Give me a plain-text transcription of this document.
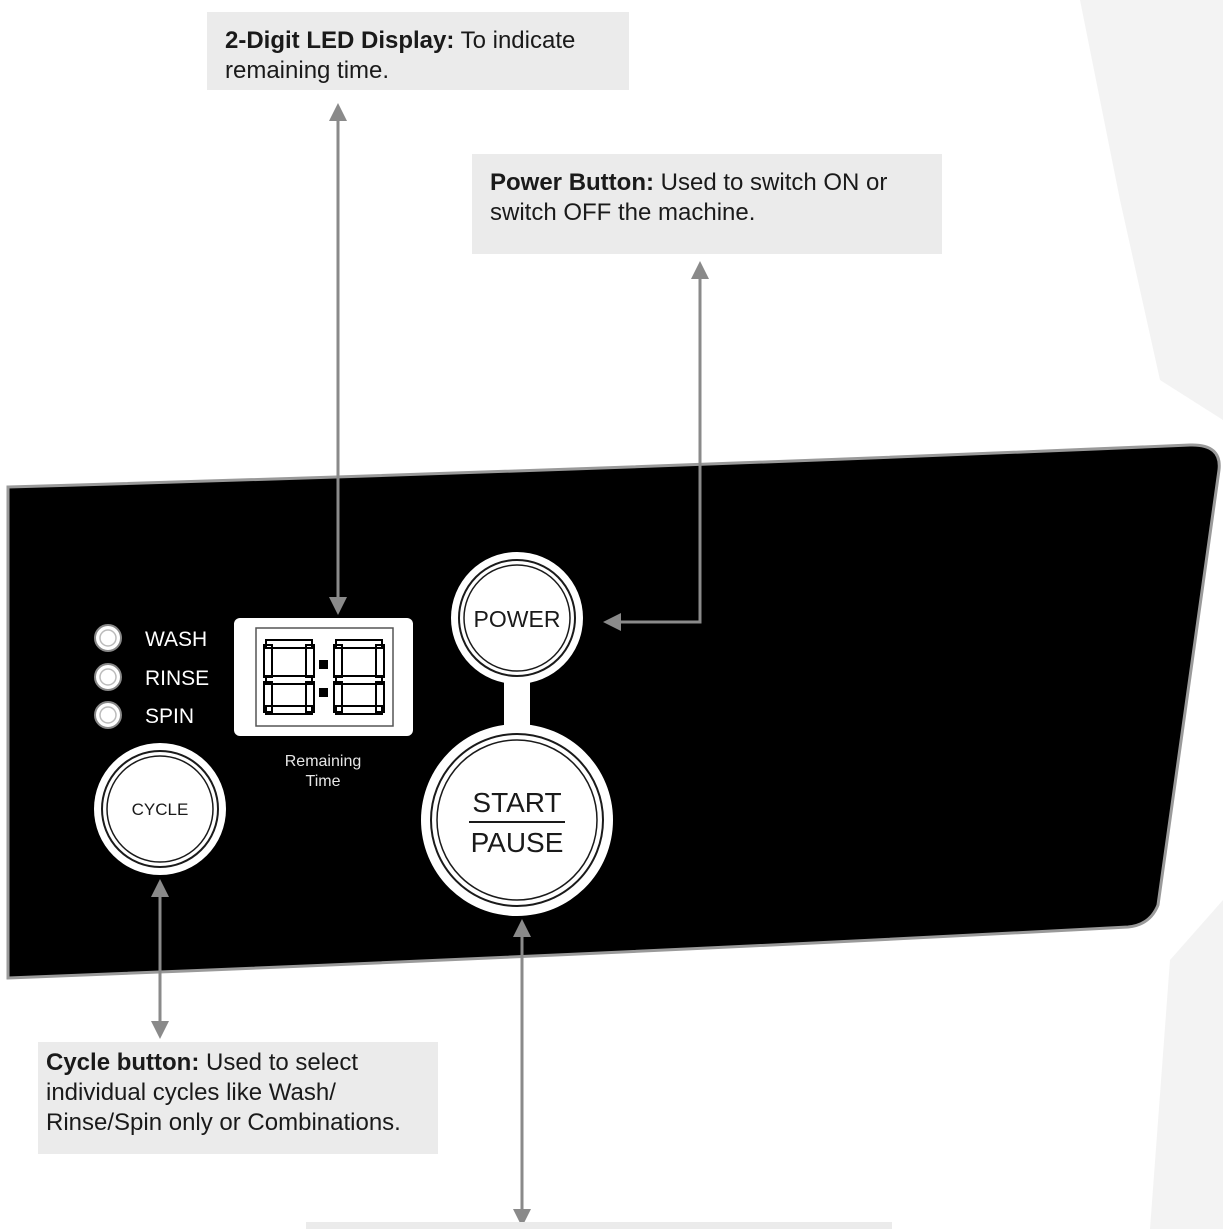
WASH
RINSE
SPIN
Remaining
Time
CYCLE
POWER
START
PAUSE
2-Digit LED Display: To indicate remaining time.
Power Button: Used to switch ON or switch OFF the machine.
Cycle button: Used to select individual cycles like Wash/ Rinse/Spin only or Combinations.
